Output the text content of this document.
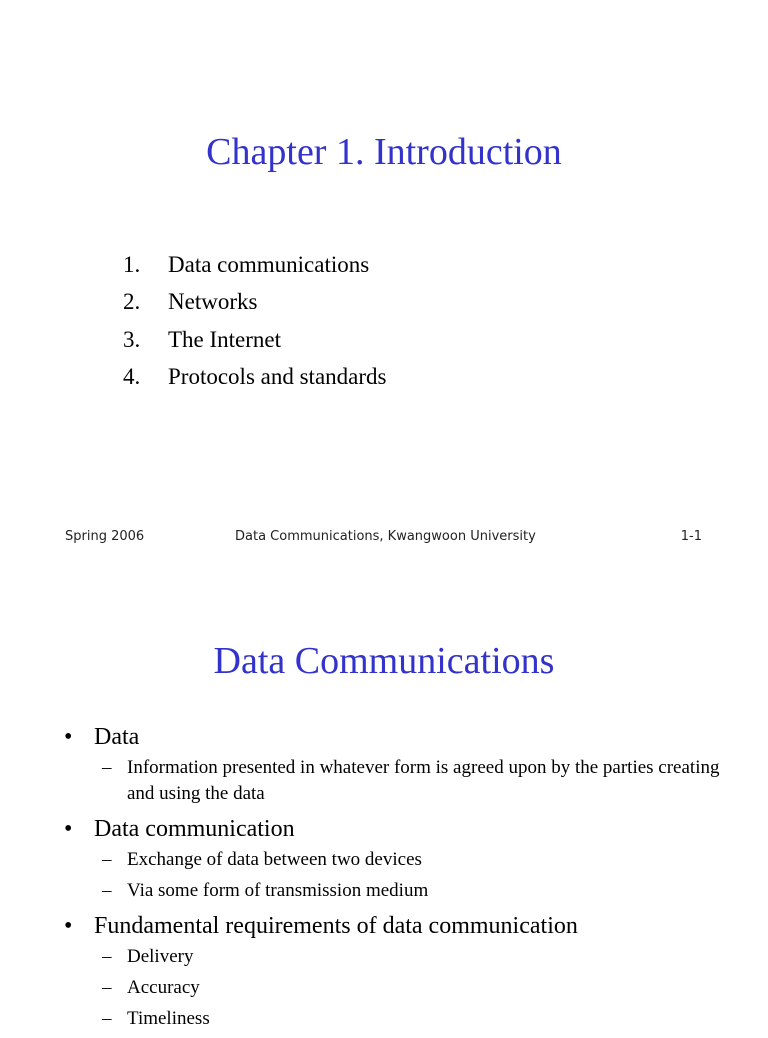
Chapter 1. Introduction
1. Data communications
2. Networks
3. The Internet
4. Protocols and standards
Spring 2006	Data Communications, Kwangwoon University	1-1
Data Communications
• Data
– Information presented in whatever form is agreed upon by the parties creating and using the data
• Data communication
– Exchange of data between two devices
– Via some form of transmission medium
• Fundamental requirements of data communication
– Delivery
– Accuracy
– Timeliness
